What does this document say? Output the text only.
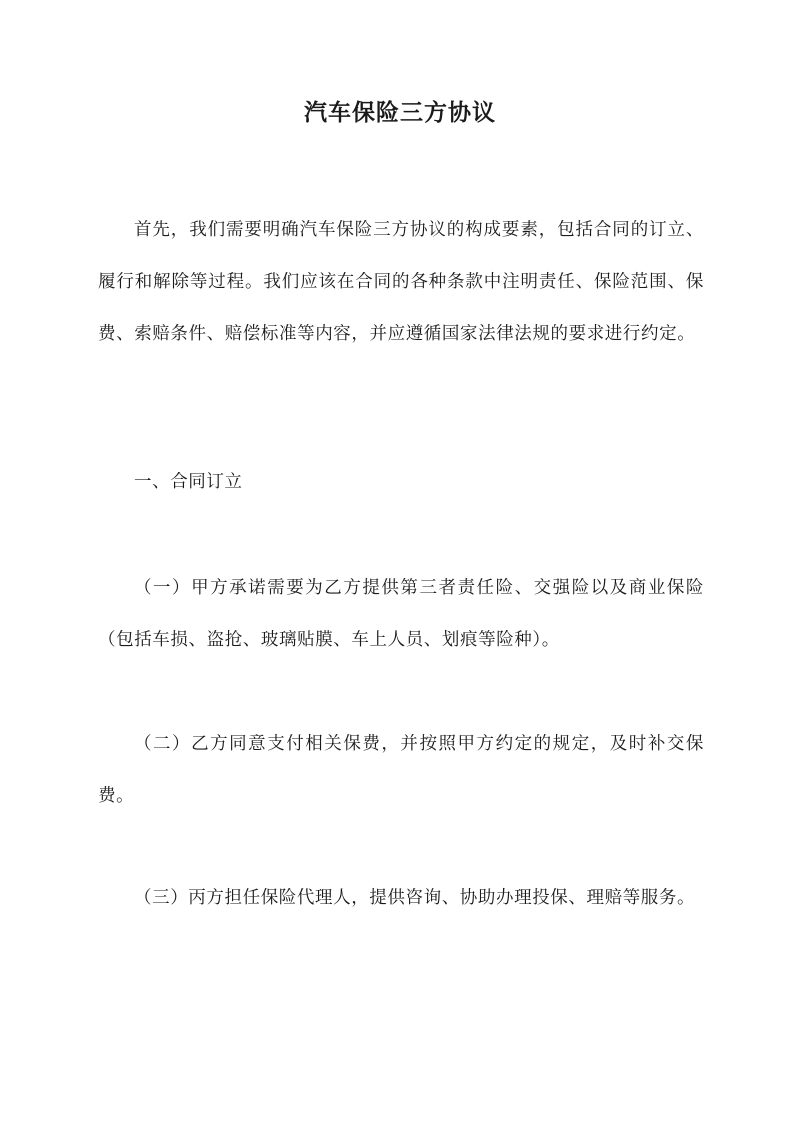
汽车保险三方协议

首先，我们需要明确汽车保险三方协议的构成要素，包括合同的订立、履行和解除等过程。我们应该在合同的各种条款中注明责任、保险范围、保费、索赔条件、赔偿标准等内容，并应遵循国家法律法规的要求进行约定。

一、合同订立

（一）甲方承诺需要为乙方提供第三者责任险、交强险以及商业保险（包括车损、盗抢、玻璃贴膜、车上人员、划痕等险种）。

（二）乙方同意支付相关保费，并按照甲方约定的规定，及时补交保费。

（三）丙方担任保险代理人，提供咨询、协助办理投保、理赔等服务。
